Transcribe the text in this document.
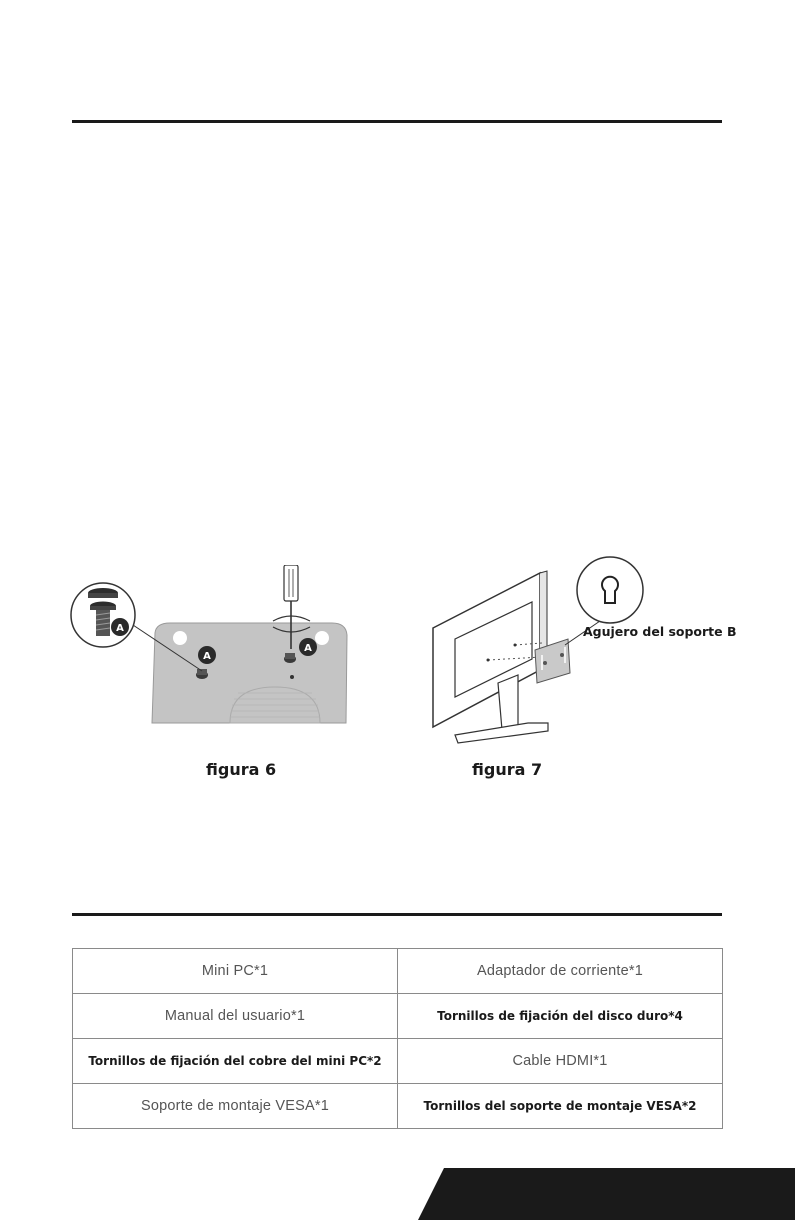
A
A
A
figura 6
Agujero del soporte B
figura 7
Mini PC*1	Adaptador de corriente*1
Manual del usuario*1	Tornillos de fijación del disco duro*4
Tornillos de fijación del cobre del mini PC*2	Cable HDMI*1
Soporte de montaje VESA*1	Tornillos del soporte de montaje VESA*2
